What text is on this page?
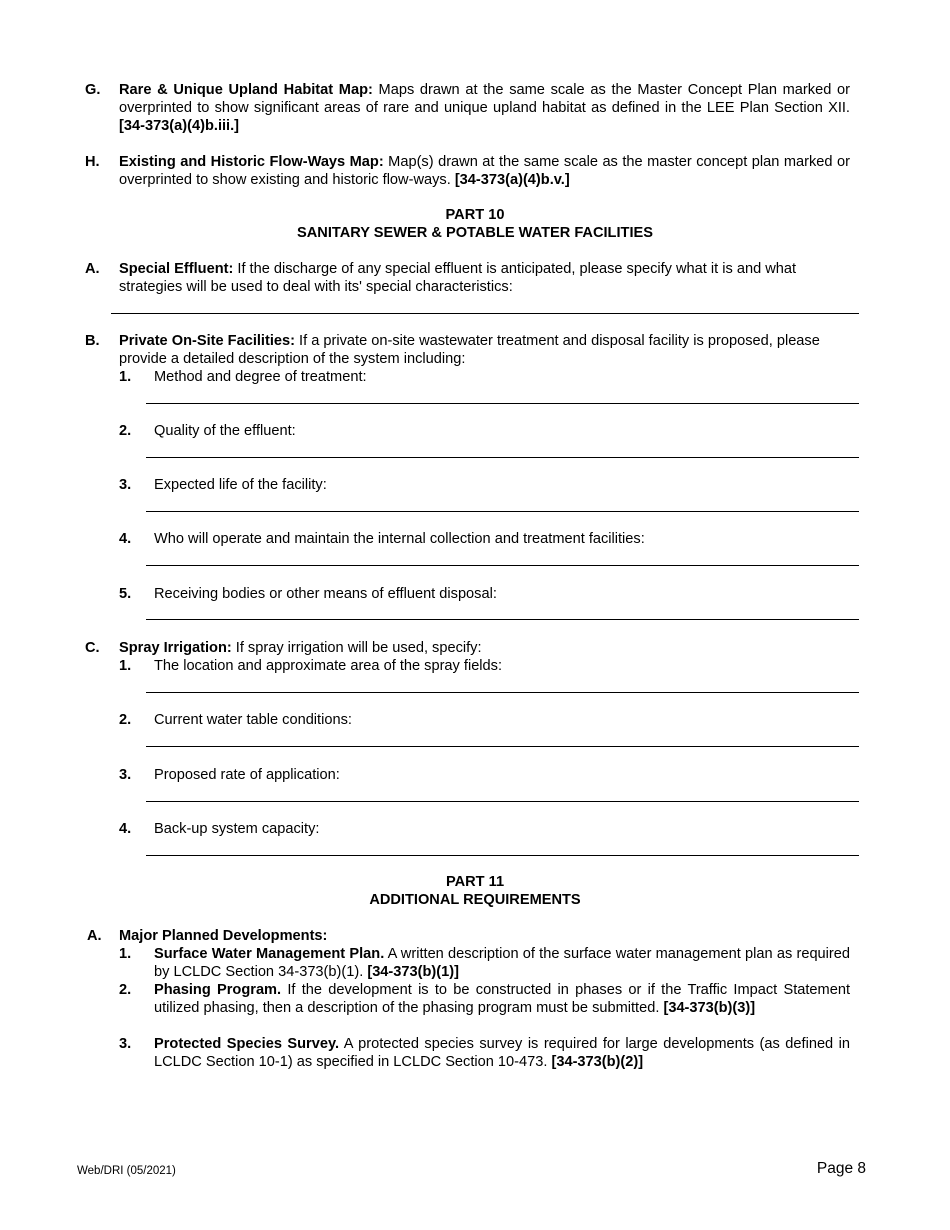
G. Rare & Unique Upland Habitat Map: Maps drawn at the same scale as the Master Concept Plan marked or overprinted to show significant areas of rare and unique upland habitat as defined in the LEE Plan Section XII. [34-373(a)(4)b.iii.]
H. Existing and Historic Flow-Ways Map: Map(s) drawn at the same scale as the master concept plan marked or overprinted to show existing and historic flow-ways. [34-373(a)(4)b.v.]
PART 10
SANITARY SEWER & POTABLE WATER FACILITIES
A. Special Effluent: If the discharge of any special effluent is anticipated, please specify what it is and what strategies will be used to deal with its' special characteristics:
B. Private On-Site Facilities: If a private on-site wastewater treatment and disposal facility is proposed, please provide a detailed description of the system including:
1. Method and degree of treatment:
2. Quality of the effluent:
3. Expected life of the facility:
4. Who will operate and maintain the internal collection and treatment facilities:
5. Receiving bodies or other means of effluent disposal:
C. Spray Irrigation: If spray irrigation will be used, specify:
1. The location and approximate area of the spray fields:
2. Current water table conditions:
3. Proposed rate of application:
4. Back-up system capacity:
PART 11
ADDITIONAL REQUIREMENTS
A. Major Planned Developments:
1. Surface Water Management Plan. A written description of the surface water management plan as required by LCLDC Section 34-373(b)(1). [34-373(b)(1)]
2. Phasing Program. If the development is to be constructed in phases or if the Traffic Impact Statement utilized phasing, then a description of the phasing program must be submitted. [34-373(b)(3)]
3. Protected Species Survey. A protected species survey is required for large developments (as defined in LCLDC Section 10-1) as specified in LCLDC Section 10-473. [34-373(b)(2)]
Web/DRI (05/2021)	Page 8
